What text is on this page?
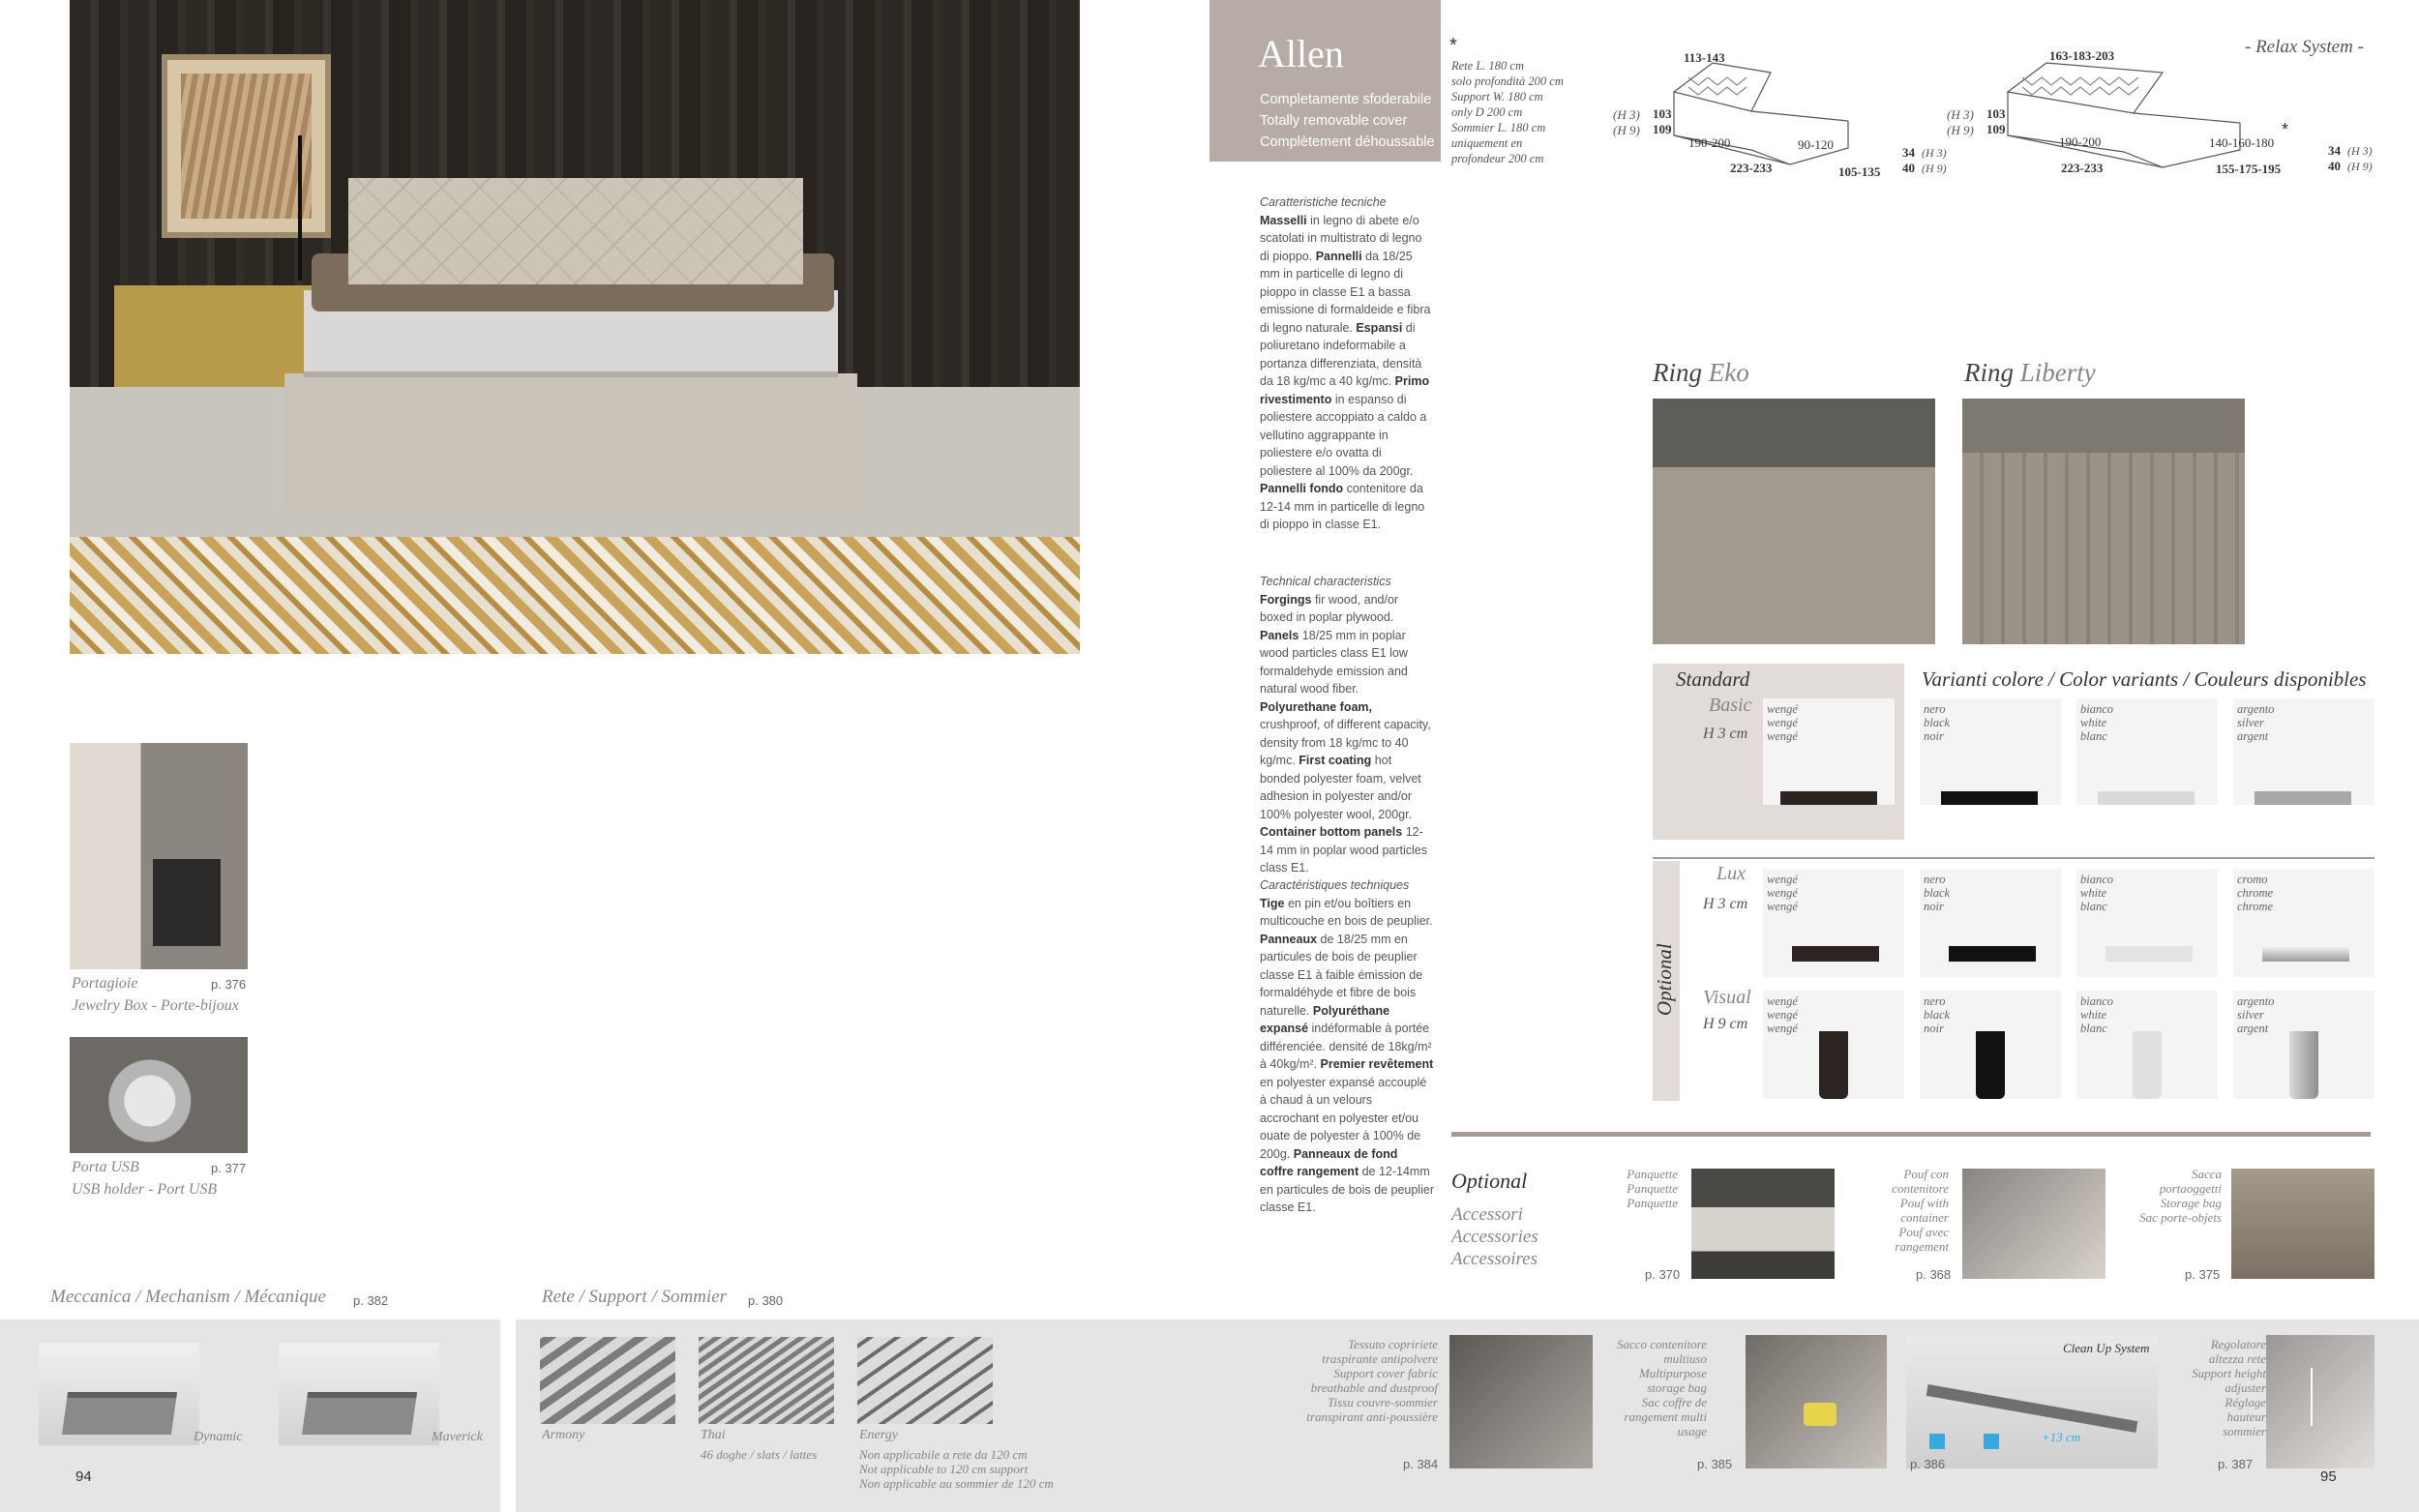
Portagioie	p. 376
Jewelry Box - Porte-bijoux
Porta USB	p. 377
USB holder - Port USB
Meccanica / Mechanism / Mécanique p. 382	Rete / Support / Sommier p. 380
Dynamic	Maverick	Armony	Thai
46 doghe / slats / lattes
Energy
Non applicabile a rete da 120 cm
Not applicable to 120 cm support
Non applicable au sommier de 120 cm
94
Allen
Completamente sfoderabile
Totally removable cover
Complètement déhoussable
*
Rete L. 180 cm
solo profondità 200 cm
Support W. 180 cm
only D 200 cm
Sommier L. 180 cm
uniquement en
profondeur 200 cm
- Relax System -
113-143
(H 3) 103
(H 9) 109
190-200	90-120
223-233	105-135
34 (H 3)
40 (H 9)
163-183-203
(H 3) 103
(H 9) 109
190-200	140-160-180
*
223-233	155-175-195
34 (H 3)
40 (H 9)
Caratteristiche tecniche
Masselli in legno di abete e/o scatolati in multistrato di legno di pioppo. Pannelli da 18/25 mm in particelle di legno di pioppo in classe E1 a bassa emissione di formaldeide e fibra di legno naturale. Espansi di poliuretano indeformabile a portanza differenziata, densità da 18 kg/mc a 40 kg/mc. Primo rivestimento in espanso di poliestere accoppiato a caldo a vellutino aggrappante in poliestere e/o ovatta di poliestere al 100% da 200gr. Pannelli fondo contenitore da 12-14 mm in particelle di legno di pioppo in classe E1.
Technical characteristics
Forgings fir wood, and/or boxed in poplar plywood. Panels 18/25 mm in poplar wood particles class E1 low formaldehyde emission and natural wood fiber. Polyurethane foam, crushproof, of different capacity, density from 18 kg/mc to 40 kg/mc. First coating hot bonded polyester foam, velvet adhesion in polyester and/or 100% polyester wool, 200gr. Container bottom panels 12-14 mm in poplar wood particles class E1.
Caractéristiques techniques
Tige en pin et/ou boîtiers en multicouche en bois de peuplier. Panneaux de 18/25 mm en particules de bois de peuplier classe E1 à faible émission de formaldéhyde et fibre de bois naturelle. Polyuréthane expansé indéformable à portée différenciée. densité de 18kg/m² à 40kg/m². Premier revêtement en polyester expansé accouplé à chaud à un velours accrochant en polyester et/ou ouate de polyester à 100% de 200g. Panneaux de fond coffre rangement de 12-14mm en particules de bois de peuplier classe E1.
Ring Eko	Ring Liberty
Standard
Basic
H 3 cm
wengé
wengé
wengé
Varianti colore / Color variants / Couleurs disponibles
nero
black
noir
bianco
white
blanc
argento
silver
argent
Optional
Lux
H 3 cm
wengé
wengé
wengé
nero
black
noir
bianco
white
blanc
cromo
chrome
chrome
Visual
H 9 cm
wengé
wengé
wengé
nero
black
noir
bianco
white
blanc
argento
silver
argent
Optional
Accessori
Accessories
Accessoires
Panquette
Panquette
Panquette
p. 370
Pouf con
contenitore
Pouf with
container
Pouf avec
rangement
p. 368
Sacca
portaoggetti
Storage bag
Sac porte-objets
p. 375
Tessuto copririete
traspirante antipolvere
Support cover fabric
breathable and dustproof
Tissu couvre-sommier
transpirant anti-poussière
p. 384
Sacco contenitore
multiuso
Multipurpose
storage bag
Sac coffre de
rangement multi
usage
p. 385
Clean Up System
+13 cm
p. 386
Regolatore
altezza rete
Support height
adjuster
Réglage
hauteur
sommier
p. 387
95
